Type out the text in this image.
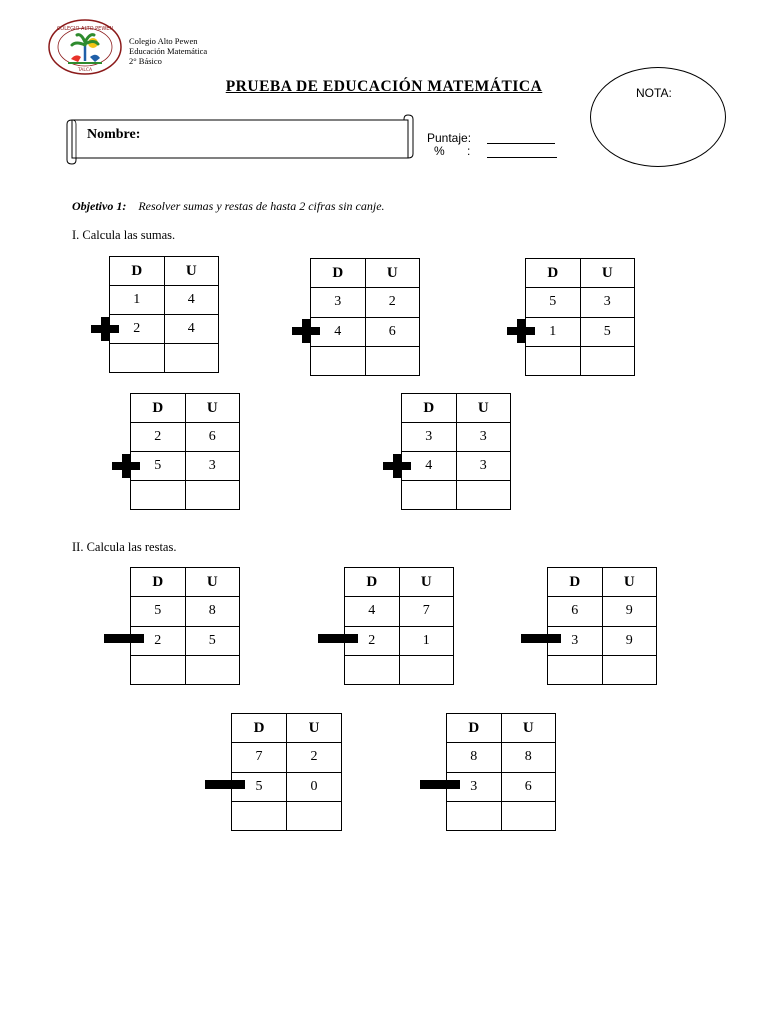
COLEGIO ALTO PEWEN
TALCA
Colegio Alto Pewen
Educación Matemática
2° Básico
PRUEBA DE EDUCACIÓN MATEMÁTICA	NOTA:
Nombre:	Puntaje:
% :
Objetivo 1: Resolver sumas y restas de hasta 2 cifras sin canje.
I. Calcula las sumas.
II. Calcula las restas.
D	U
1	4
2	4

D	U
3	2
4	6

D	U
5	3
1	5

D	U
2	6
5	3

D	U
3	3
4	3

D	U
5	8
2	5

D	U
4	7
2	1

D	U
6	9
3	9

D	U
7	2
5	0

D	U
8	8
3	6
